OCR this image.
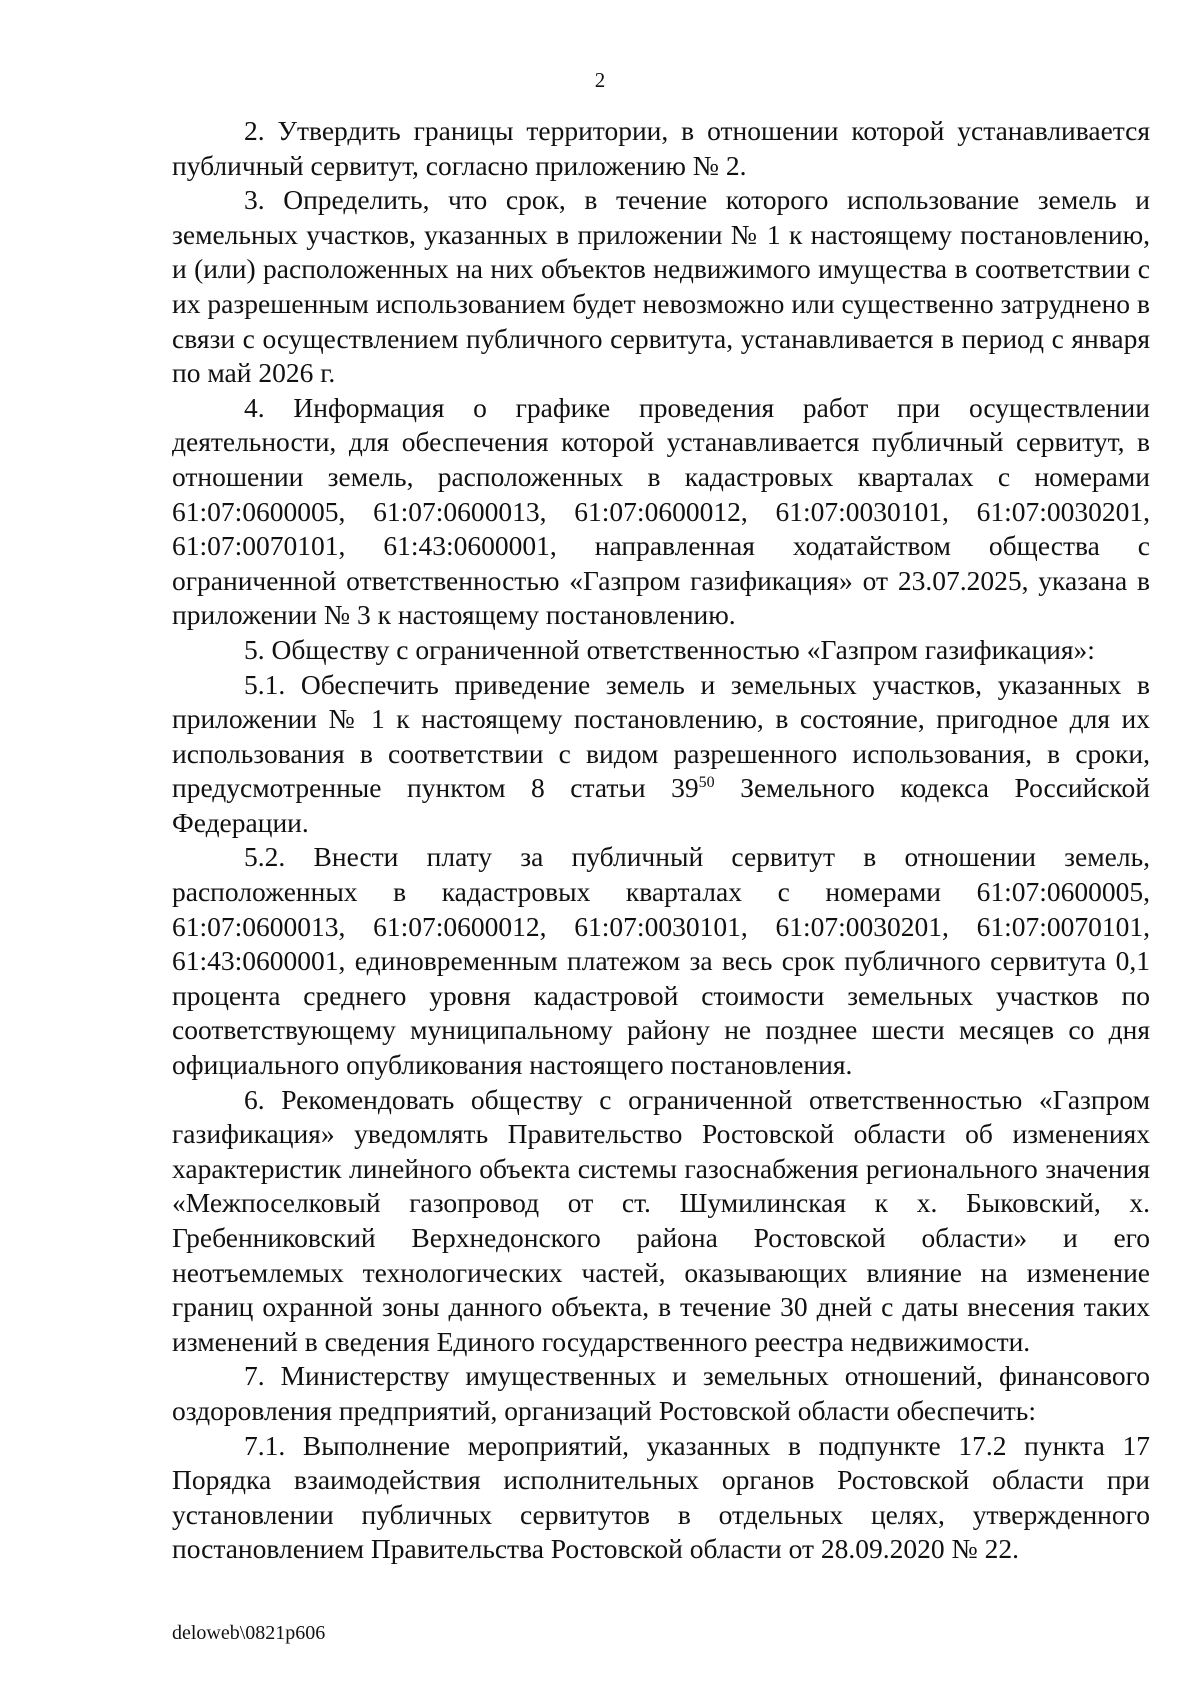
2

2. Утвердить границы территории, в отношении которой устанавливается публичный сервитут, согласно приложению № 2.

3. Определить, что срок, в течение которого использование земель и земельных участков, указанных в приложении № 1 к настоящему постановлению, и (или) расположенных на них объектов недвижимого имущества в соответствии с их разрешенным использованием будет невозможно или существенно затруднено в связи с осуществлением публичного сервитута, устанавливается в период с января по май 2026 г.

4. Информация о графике проведения работ при осуществлении деятельности, для обеспечения которой устанавливается публичный сервитут, в отношении земель, расположенных в кадастровых кварталах с номерами 61:07:0600005, 61:07:0600013, 61:07:0600012, 61:07:0030101, 61:07:0030201, 61:07:0070101, 61:43:0600001, направленная ходатайством общества с ограниченной ответственностью «Газпром газификация» от 23.07.2025, указана в приложении № 3 к настоящему постановлению.

5. Обществу с ограниченной ответственностью «Газпром газификация»:

5.1. Обеспечить приведение земель и земельных участков, указанных в приложении № 1 к настоящему постановлению, в состояние, пригодное для их использования в соответствии с видом разрешенного использования, в сроки, предусмотренные пунктом 8 статьи $39^{50}$ Земельного кодекса Российской Федерации.

5.2. Внести плату за публичный сервитут в отношении земель, расположенных в кадастровых кварталах с номерами 61:07:0600005, 61:07:0600013, 61:07:0600012, 61:07:0030101, 61:07:0030201, 61:07:0070101, 61:43:0600001, единовременным платежом за весь срок публичного сервитута 0,1 процента среднего уровня кадастровой стоимости земельных участков по соответствующему муниципальному району не позднее шести месяцев со дня официального опубликования настоящего постановления.

6. Рекомендовать обществу с ограниченной ответственностью «Газпром газификация» уведомлять Правительство Ростовской области об изменениях характеристик линейного объекта системы газоснабжения регионального значения «Межпоселковый газопровод от ст. Шумилинская к х. Быковский, х. Гребенниковский Верхнедонского района Ростовской области» и его неотъемлемых технологических частей, оказывающих влияние на изменение границ охранной зоны данного объекта, в течение 30 дней с даты внесения таких изменений в сведения Единого государственного реестра недвижимости.

7. Министерству имущественных и земельных отношений, финансового оздоровления предприятий, организаций Ростовской области обеспечить:

7.1. Выполнение мероприятий, указанных в подпункте 17.2 пункта 17 Порядка взаимодействия исполнительных органов Ростовской области при установлении публичных сервитутов в отдельных целях, утвержденного постановлением Правительства Ростовской области от 28.09.2020 № 22.

deloweb\0821p606
